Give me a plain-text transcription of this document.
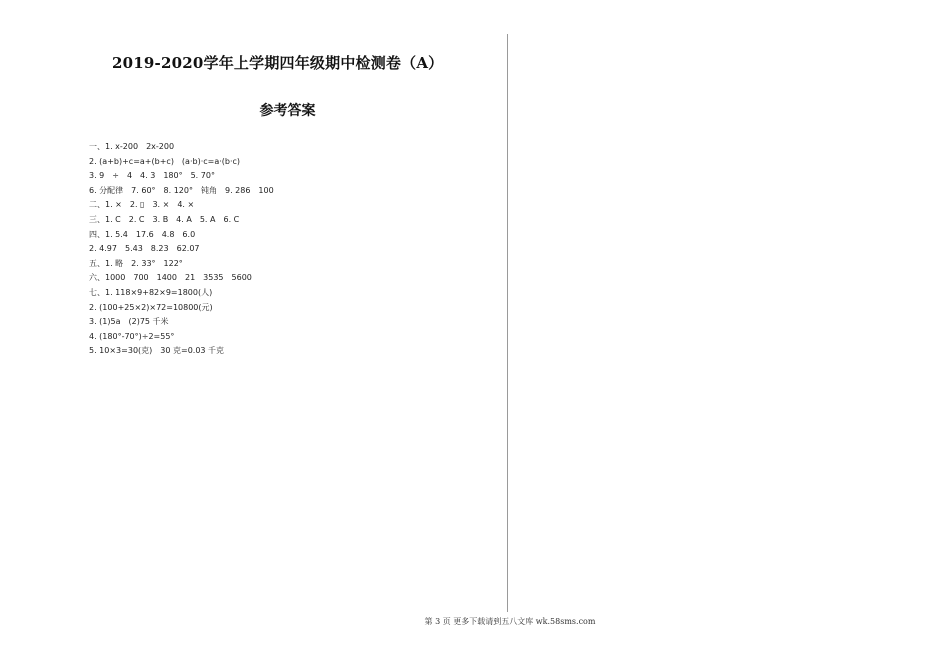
2019-2020学年上学期四年级期中检测卷（A）
参考答案
一、1. x-200　2x-200
2. (a+b)+c=a+(b+c)　(a·b)·c=a·(b·c)
3. 9　÷　4　4. 3　180°　5. 70°
6. 分配律　7. 60°　8. 120°　钝角　9. 286　100
二、1. ×　2. ▯　3. ×　4. ×
三、1. C　2. C　3. B　4. A　5. A　6. C
四、1. 5.4　17.6　4.8　6.0
2. 4.97　5.43　8.23　62.07
五、1. 略　2. 33°　122°
六、1000　700　1400　21　3535　5600
七、1. 118×9+82×9=1800(人)
2. (100+25×2)×72=10800(元)
3. (1)5a　(2)75 千米
4. (180°-70°)÷2=55°
5. 10×3=30(克)　30 克=0.03 千克
第 3 页 更多下载请到五八文库 wk.58sms.com
